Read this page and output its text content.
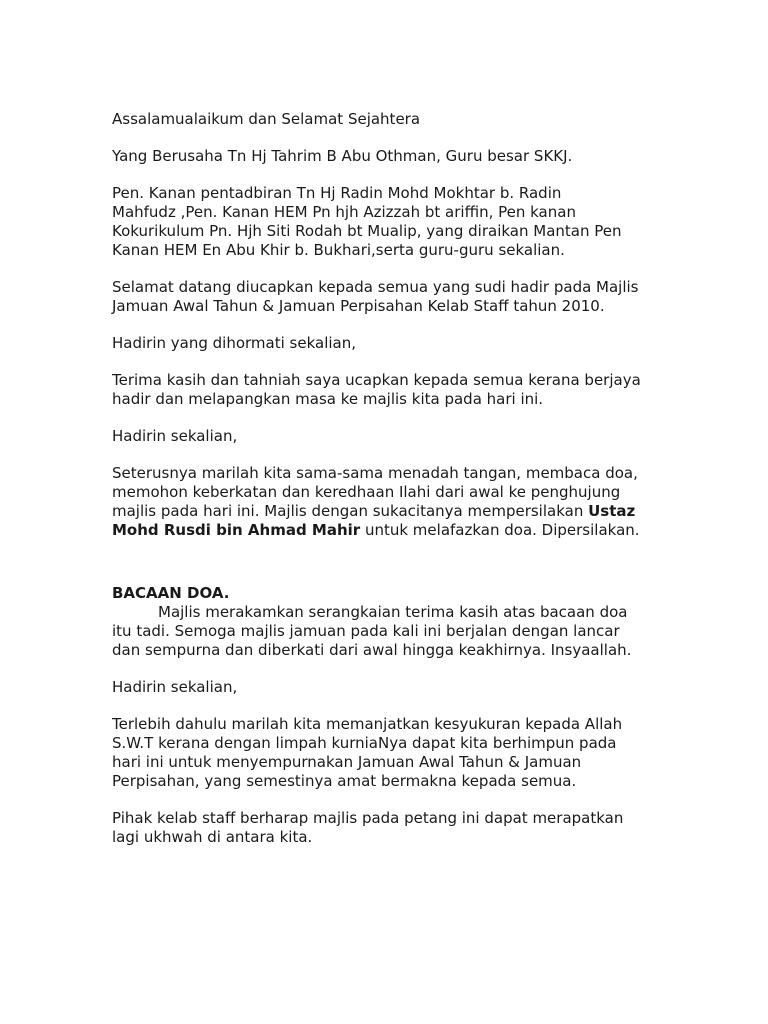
Assalamualaikum dan Selamat Sejahtera

Yang Berusaha Tn Hj Tahrim B Abu Othman, Guru besar SKKJ.

Pen. Kanan pentadbiran Tn Hj Radin Mohd Mokhtar b. Radin
Mahfudz ,Pen. Kanan HEM Pn hjh Azizzah bt ariffin, Pen kanan
Kokurikulum Pn. Hjh Siti Rodah bt Mualip, yang diraikan Mantan Pen
Kanan HEM En Abu Khir b. Bukhari,serta guru-guru sekalian.

Selamat datang diucapkan kepada semua yang sudi hadir pada Majlis
Jamuan Awal Tahun & Jamuan Perpisahan Kelab Staff tahun 2010.

Hadirin yang dihormati sekalian,

Terima kasih dan tahniah saya ucapkan kepada semua kerana berjaya
hadir dan melapangkan masa ke majlis kita pada hari ini.

Hadirin sekalian,

Seterusnya marilah kita sama-sama menadah tangan, membaca doa,
memohon keberkatan dan keredhaan Ilahi dari awal ke penghujung
majlis pada hari ini. Majlis dengan sukacitanya mempersilakan Ustaz
Mohd Rusdi bin Ahmad Mahir untuk melafazkan doa. Dipersilakan.

BACAAN DOA.

Majlis merakamkan serangkaian terima kasih atas bacaan doa
itu tadi. Semoga majlis jamuan pada kali ini berjalan dengan lancar
dan sempurna dan diberkati dari awal hingga keakhirnya. Insyaallah.

Hadirin sekalian,

Terlebih dahulu marilah kita memanjatkan kesyukuran kepada Allah
S.W.T kerana dengan limpah kurniaNya dapat kita berhimpun pada
hari ini untuk menyempurnakan Jamuan Awal Tahun & Jamuan
Perpisahan, yang semestinya amat bermakna kepada semua.

Pihak kelab staff berharap majlis pada petang ini dapat merapatkan
lagi ukhwah di antara kita.
